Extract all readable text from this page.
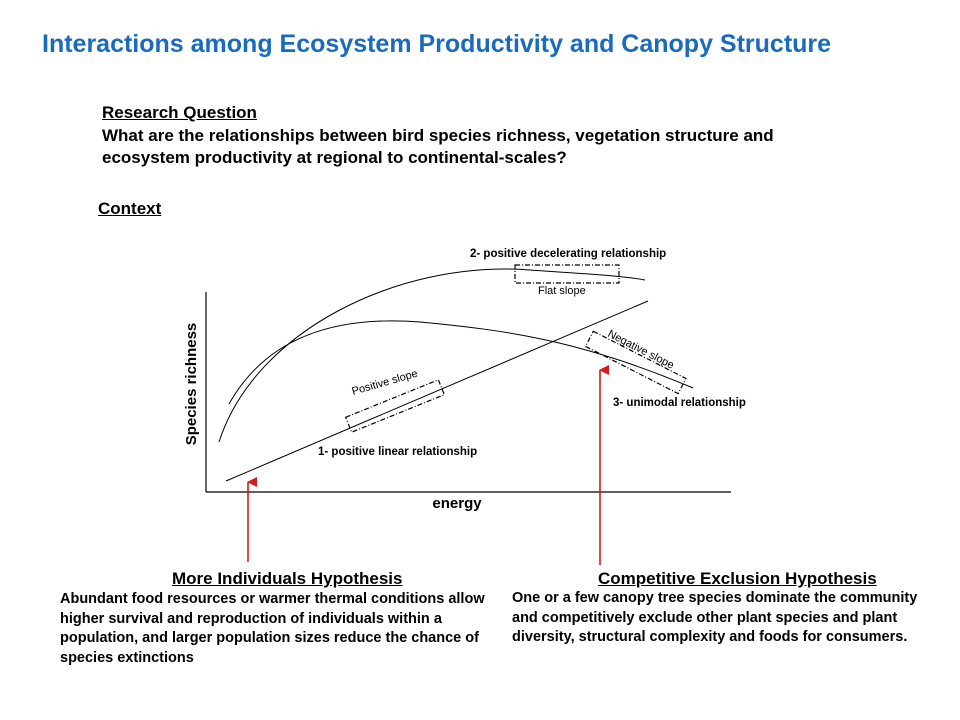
Interactions among Ecosystem Productivity and Canopy Structure
Research Question
What are the relationships between bird species richness, vegetation structure and ecosystem productivity at regional to continental-scales?
Context
Species richness
energy
1- positive linear relationship
2- positive decelerating relationship
3- unimodal relationship
Positive slope
Flat slope
Negative slope
More Individuals Hypothesis
Abundant food resources or warmer thermal conditions allow higher survival and reproduction of individuals within a population, and larger population sizes reduce the chance of species extinctions
Competitive Exclusion Hypothesis
One or a few canopy tree species dominate the community and competitively exclude other plant species and plant diversity, structural complexity and foods for consumers.
